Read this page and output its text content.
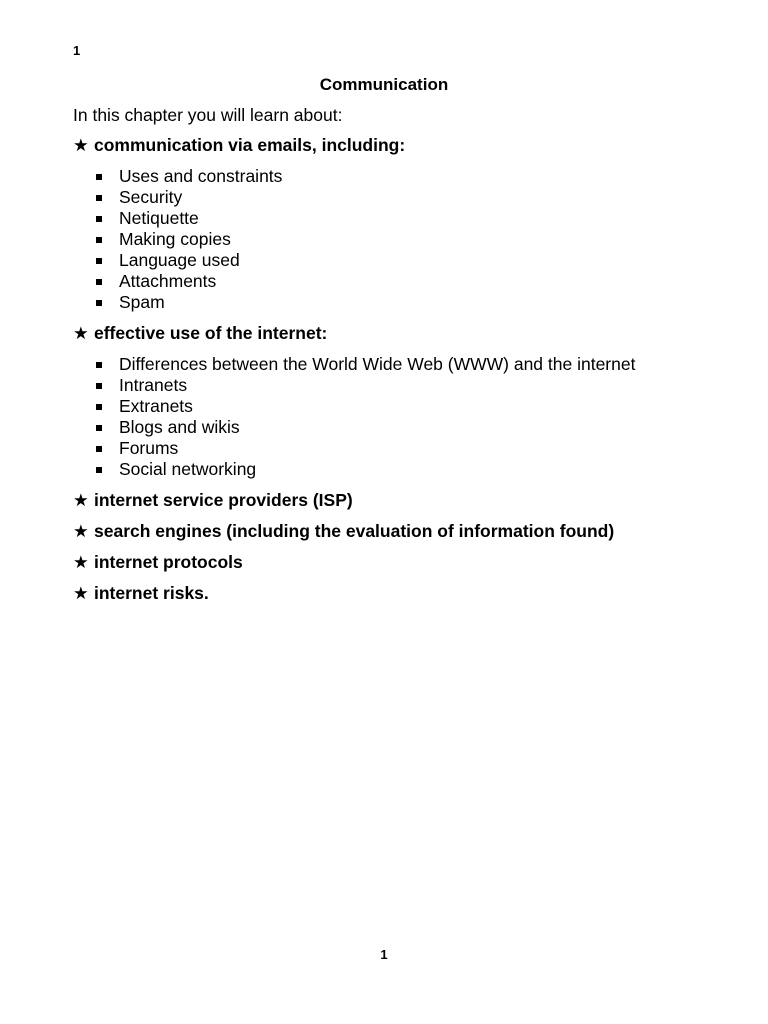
1
Communication
In this chapter you will learn about:
★ communication via emails, including:
Uses and constraints
Security
Netiquette
Making copies
Language used
Attachments
Spam
★ effective use of the internet:
Differences between the World Wide Web (WWW) and the internet
Intranets
Extranets
Blogs and wikis
Forums
Social networking
★ internet service providers (ISP)
★ search engines (including the evaluation of information found)
★ internet protocols
★ internet risks.
1
